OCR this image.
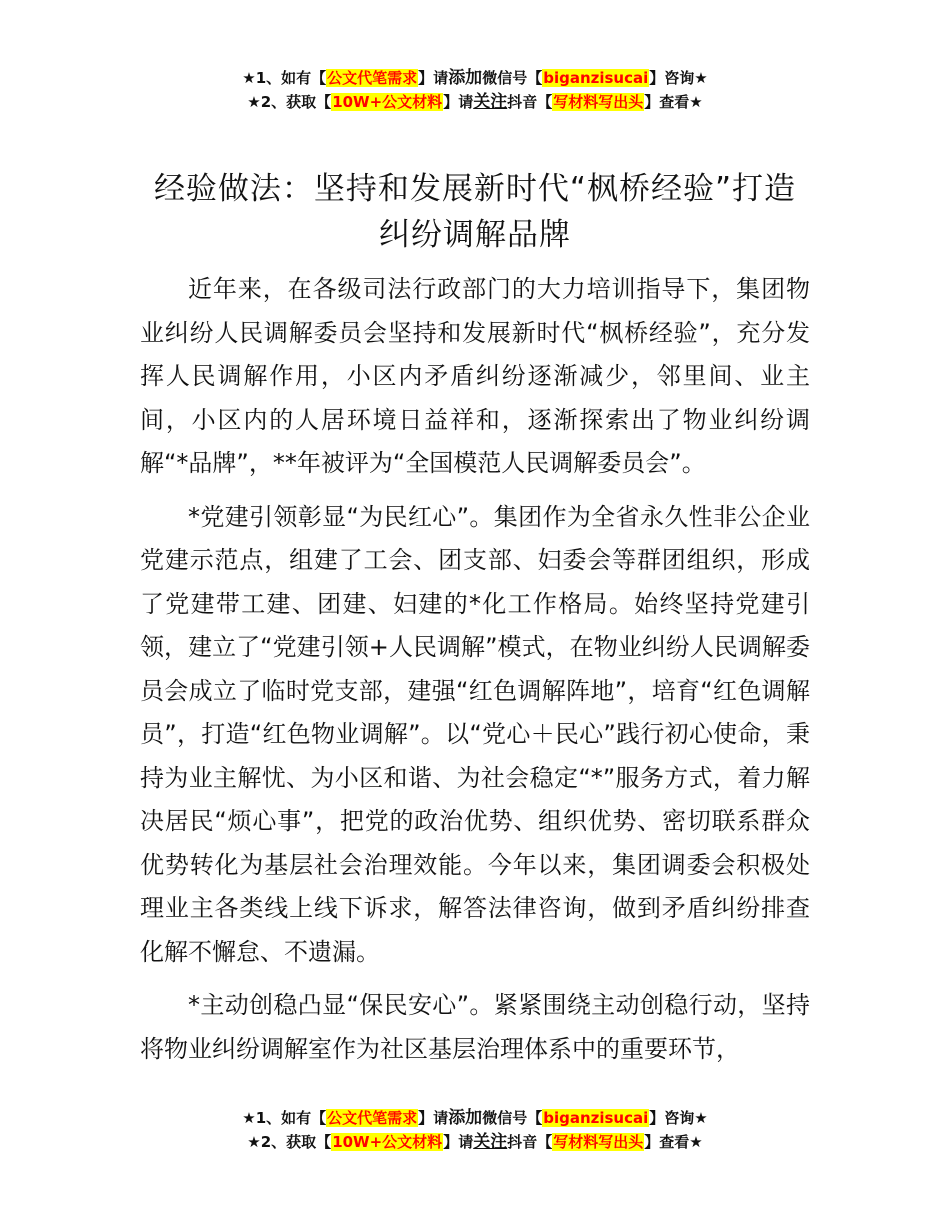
★1、如有【公文代笔需求】请添加微信号【biganzisucai】咨询★
★2、获取【10W+公文材料】请关注抖音【写材料写出头】查看★
经验做法：坚持和发展新时代“枫桥经验”打造纠纷调解品牌

近年来，在各级司法行政部门的大力培训指导下，集团物业纠纷人民调解委员会坚持和发展新时代“枫桥经验”，充分发挥人民调解作用，小区内矛盾纠纷逐渐减少，邻里间、业主间，小区内的人居环境日益祥和，逐渐探索出了物业纠纷调解“*品牌”，**年被评为“全国模范人民调解委员会”。

*党建引领彰显“为民红心”。集团作为全省永久性非公企业党建示范点，组建了工会、团支部、妇委会等群团组织，形成了党建带工建、团建、妇建的*化工作格局。始终坚持党建引领，建立了“党建引领+人民调解”模式，在物业纠纷人民调解委员会成立了临时党支部，建强“红色调解阵地”，培育“红色调解员”，打造“红色物业调解”。以“党心＋民心”践行初心使命，秉持为业主解忧、为小区和谐、为社会稳定“*”服务方式，着力解决居民“烦心事”，把党的政治优势、组织优势、密切联系群众优势转化为基层社会治理效能。今年以来，集团调委会积极处理业主各类线上线下诉求，解答法律咨询，做到矛盾纠纷排查化解不懈怠、不遗漏。

*主动创稳凸显“保民安心”。紧紧围绕主动创稳行动，坚持将物业纠纷调解室作为社区基层治理体系中的重要环节，

★1、如有【公文代笔需求】请添加微信号【biganzisucai】咨询★
★2、获取【10W+公文材料】请关注抖音【写材料写出头】查看★
